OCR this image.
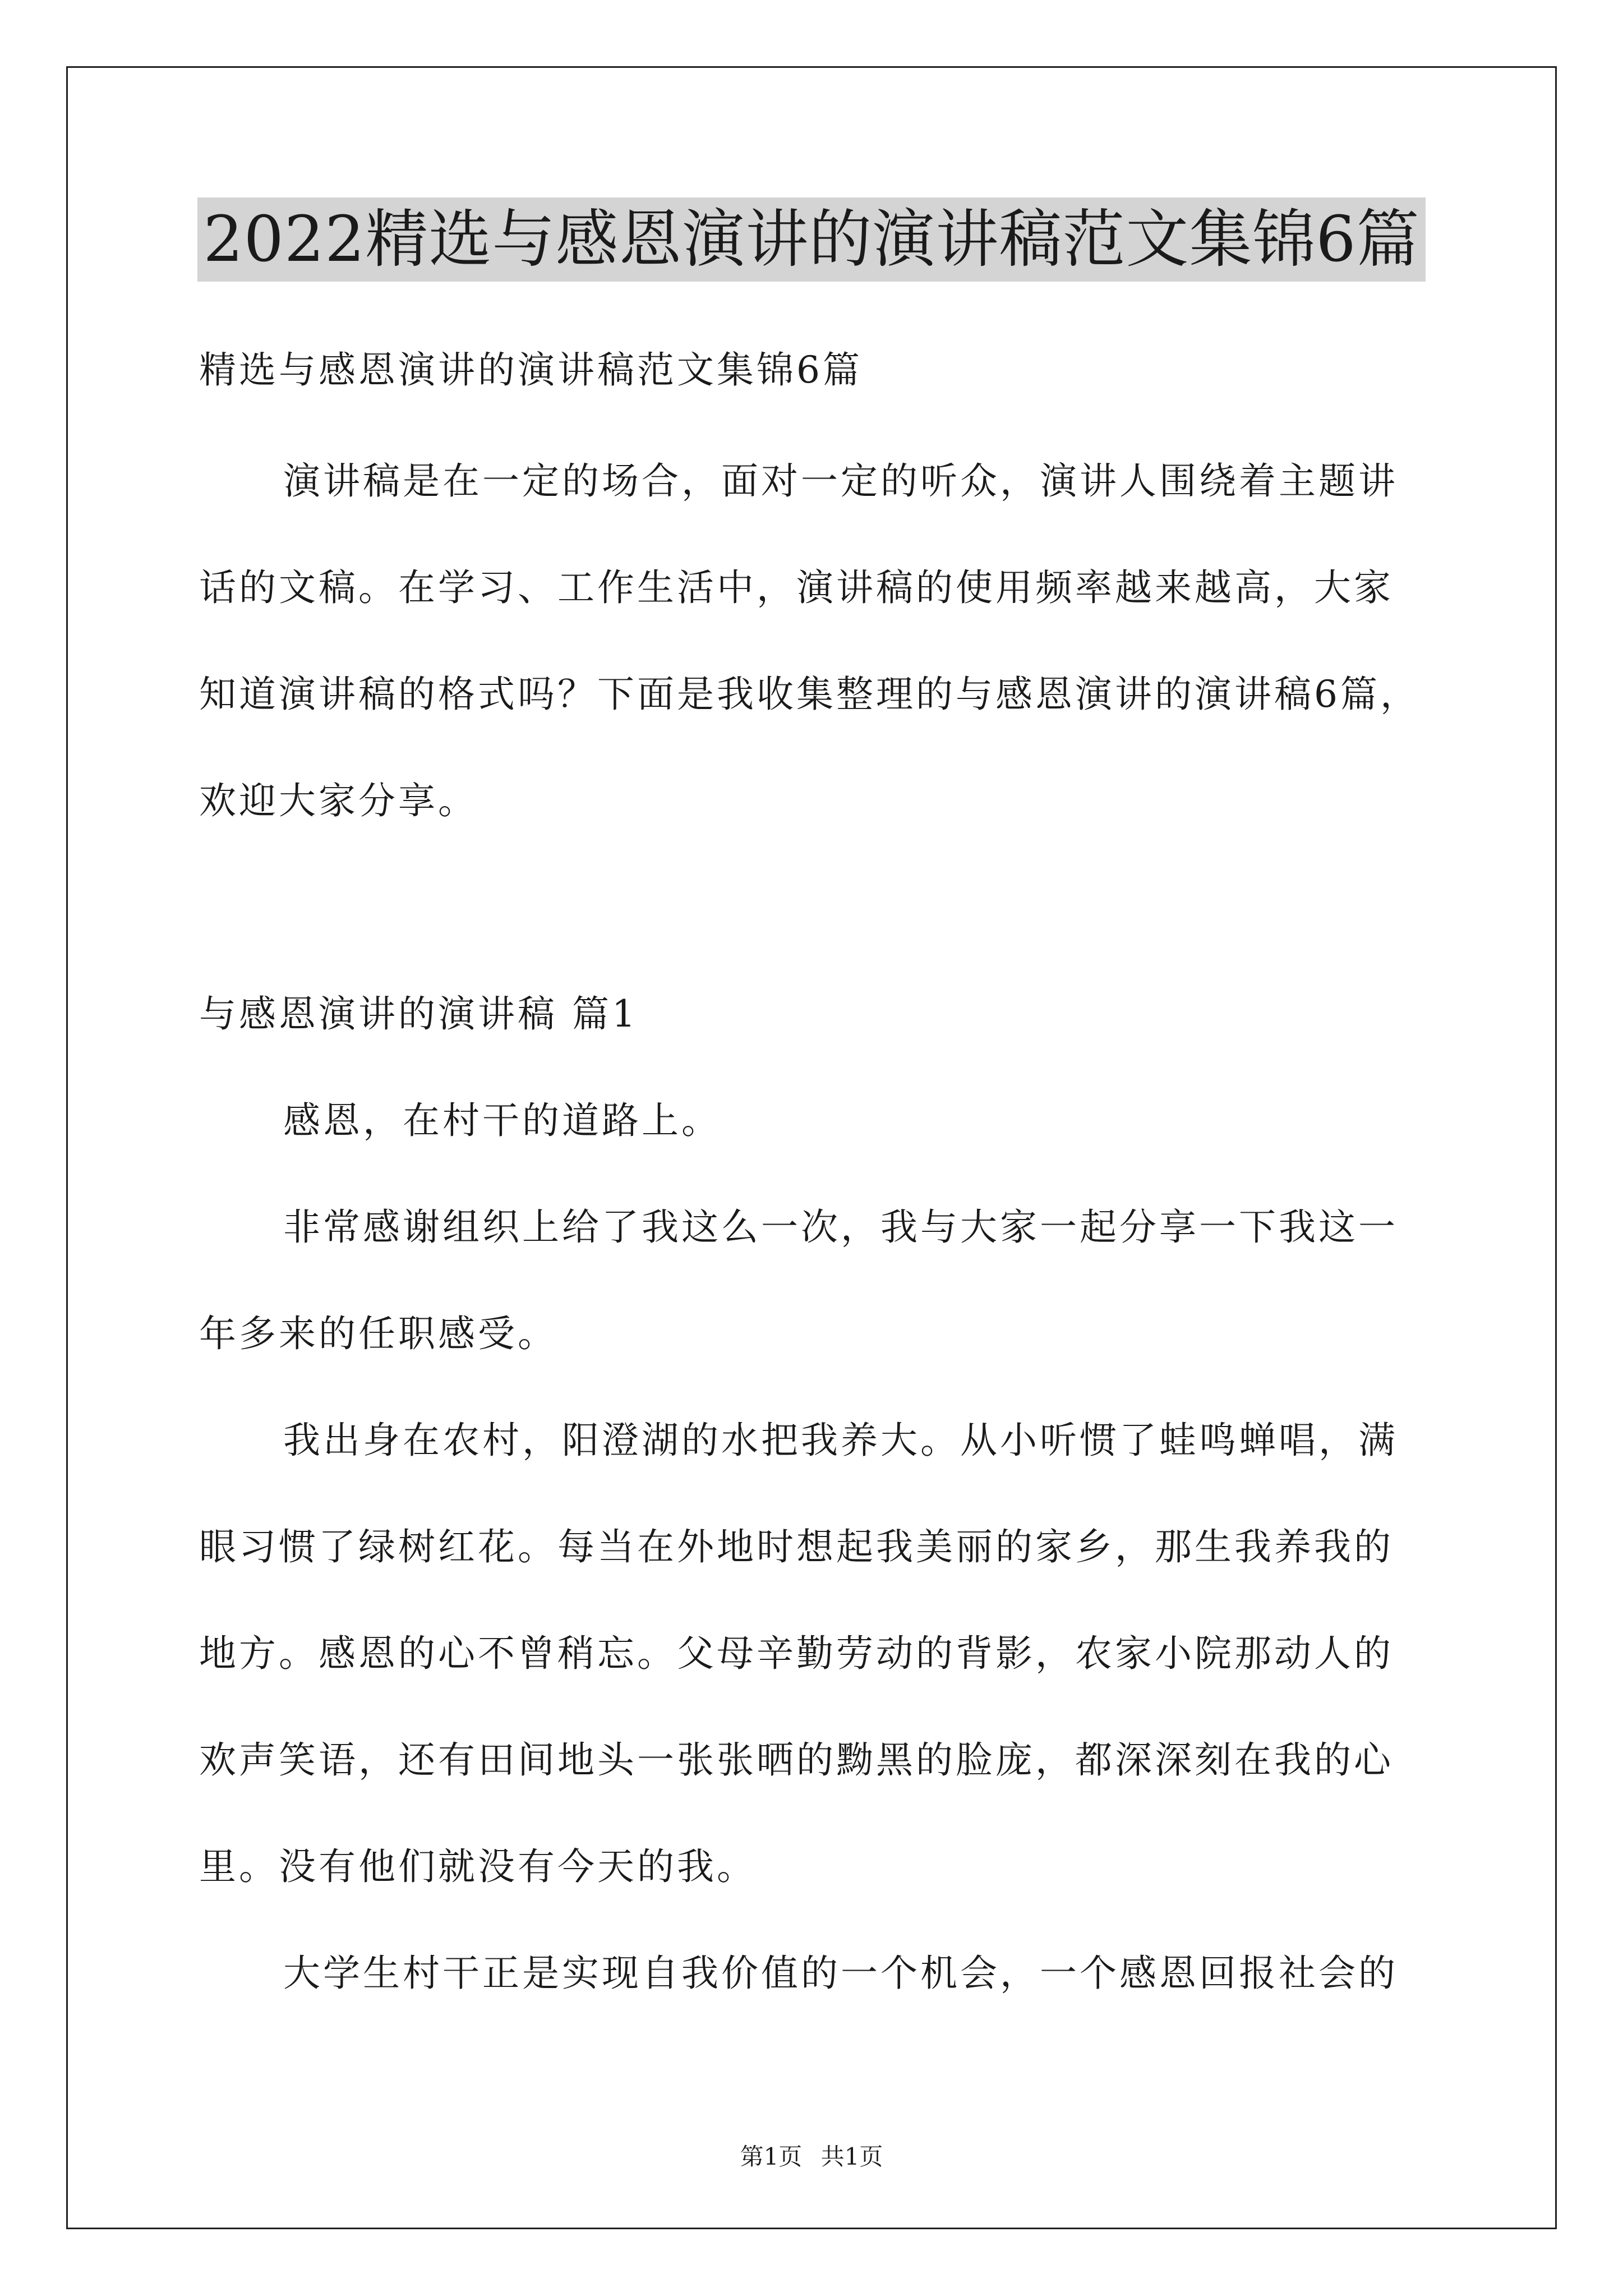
2022精选与感恩演讲的演讲稿范文集锦6篇
精选与感恩演讲的演讲稿范文集锦6篇
演讲稿是在一定的场合，面对一定的听众，演讲人围绕着主题讲
话的文稿。在学习、工作生活中，演讲稿的使用频率越来越高，大家
知道演讲稿的格式吗？下面是我收集整理的与感恩演讲的演讲稿6篇，
欢迎大家分享。
与感恩演讲的演讲稿 篇1
感恩，在村干的道路上。
非常感谢组织上给了我这么一次，我与大家一起分享一下我这一
年多来的任职感受。
我出身在农村，阳澄湖的水把我养大。从小听惯了蛙鸣蝉唱，满
眼习惯了绿树红花。每当在外地时想起我美丽的家乡，那生我养我的
地方。感恩的心不曾稍忘。父母辛勤劳动的背影，农家小院那动人的
欢声笑语，还有田间地头一张张晒的黝黑的脸庞，都深深刻在我的心
里。没有他们就没有今天的我。
大学生村干正是实现自我价值的一个机会，一个感恩回报社会的
第1页 共1页
